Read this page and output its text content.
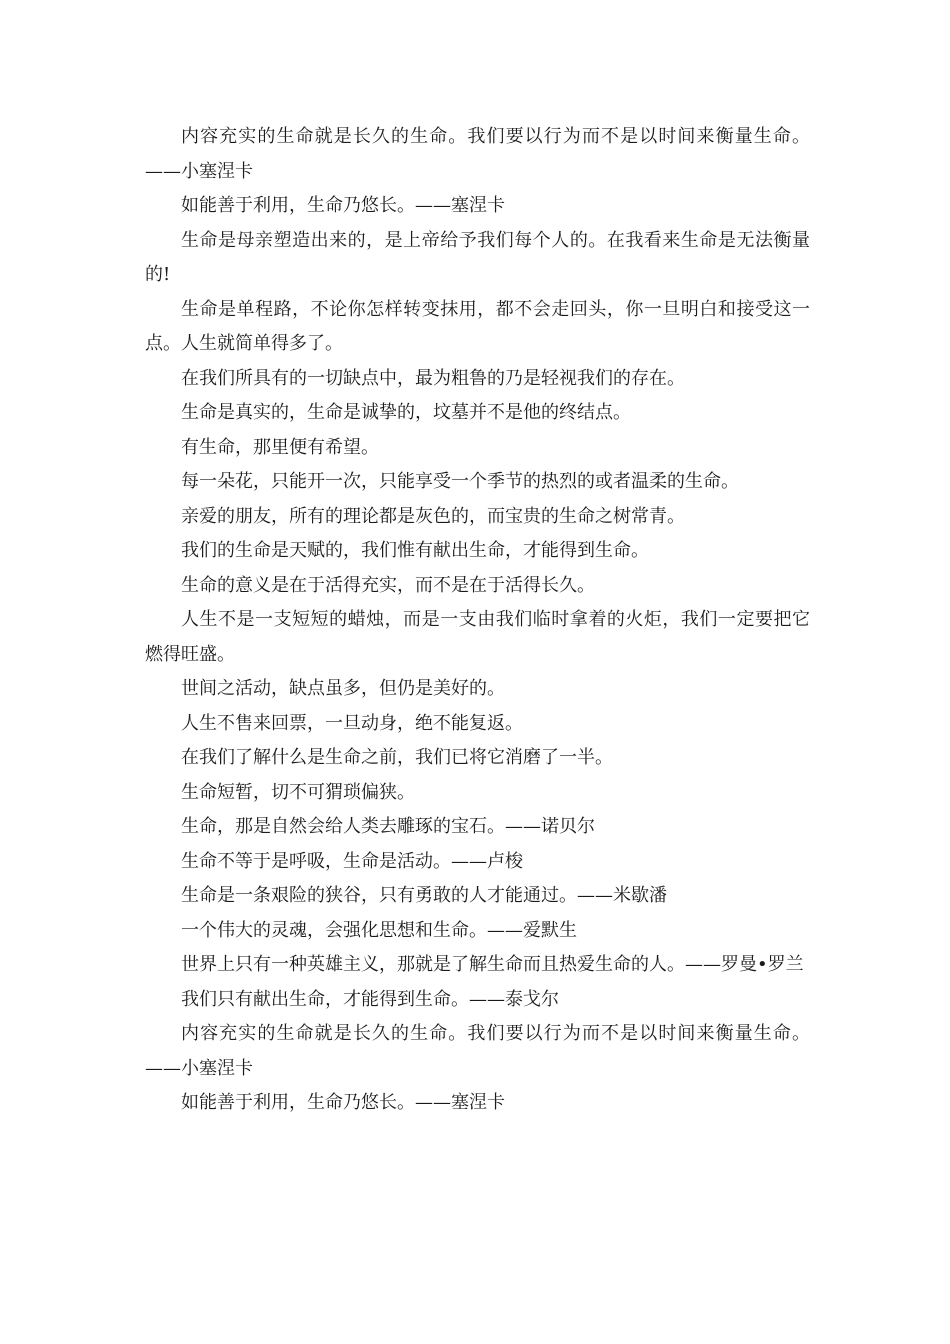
内容充实的生命就是长久的生命。我们要以行为而不是以时间来衡量生命。——小塞涅卡

如能善于利用，生命乃悠长。——塞涅卡

生命是母亲塑造出来的，是上帝给予我们每个人的。在我看来生命是无法衡量的!

生命是单程路，不论你怎样转变抹用，都不会走回头，你一旦明白和接受这一点。人生就简单得多了。

在我们所具有的一切缺点中，最为粗鲁的乃是轻视我们的存在。

生命是真实的，生命是诚挚的，坟墓并不是他的终结点。

有生命，那里便有希望。

每一朵花，只能开一次，只能享受一个季节的热烈的或者温柔的生命。

亲爱的朋友，所有的理论都是灰色的，而宝贵的生命之树常青。

我们的生命是天赋的，我们惟有献出生命，才能得到生命。

生命的意义是在于活得充实，而不是在于活得长久。

人生不是一支短短的蜡烛，而是一支由我们临时拿着的火炬，我们一定要把它燃得旺盛。

世间之活动，缺点虽多，但仍是美好的。

人生不售来回票，一旦动身，绝不能复返。

在我们了解什么是生命之前，我们已将它消磨了一半。

生命短暂，切不可猬琐偏狭。

生命，那是自然会给人类去雕琢的宝石。——诺贝尔

生命不等于是呼吸，生命是活动。——卢梭

生命是一条艰险的狭谷，只有勇敢的人才能通过。——米歇潘

一个伟大的灵魂，会强化思想和生命。——爱默生

世界上只有一种英雄主义，那就是了解生命而且热爱生命的人。——罗曼•罗兰

我们只有献出生命，才能得到生命。——泰戈尔

内容充实的生命就是长久的生命。我们要以行为而不是以时间来衡量生命。——小塞涅卡

如能善于利用，生命乃悠长。——塞涅卡
